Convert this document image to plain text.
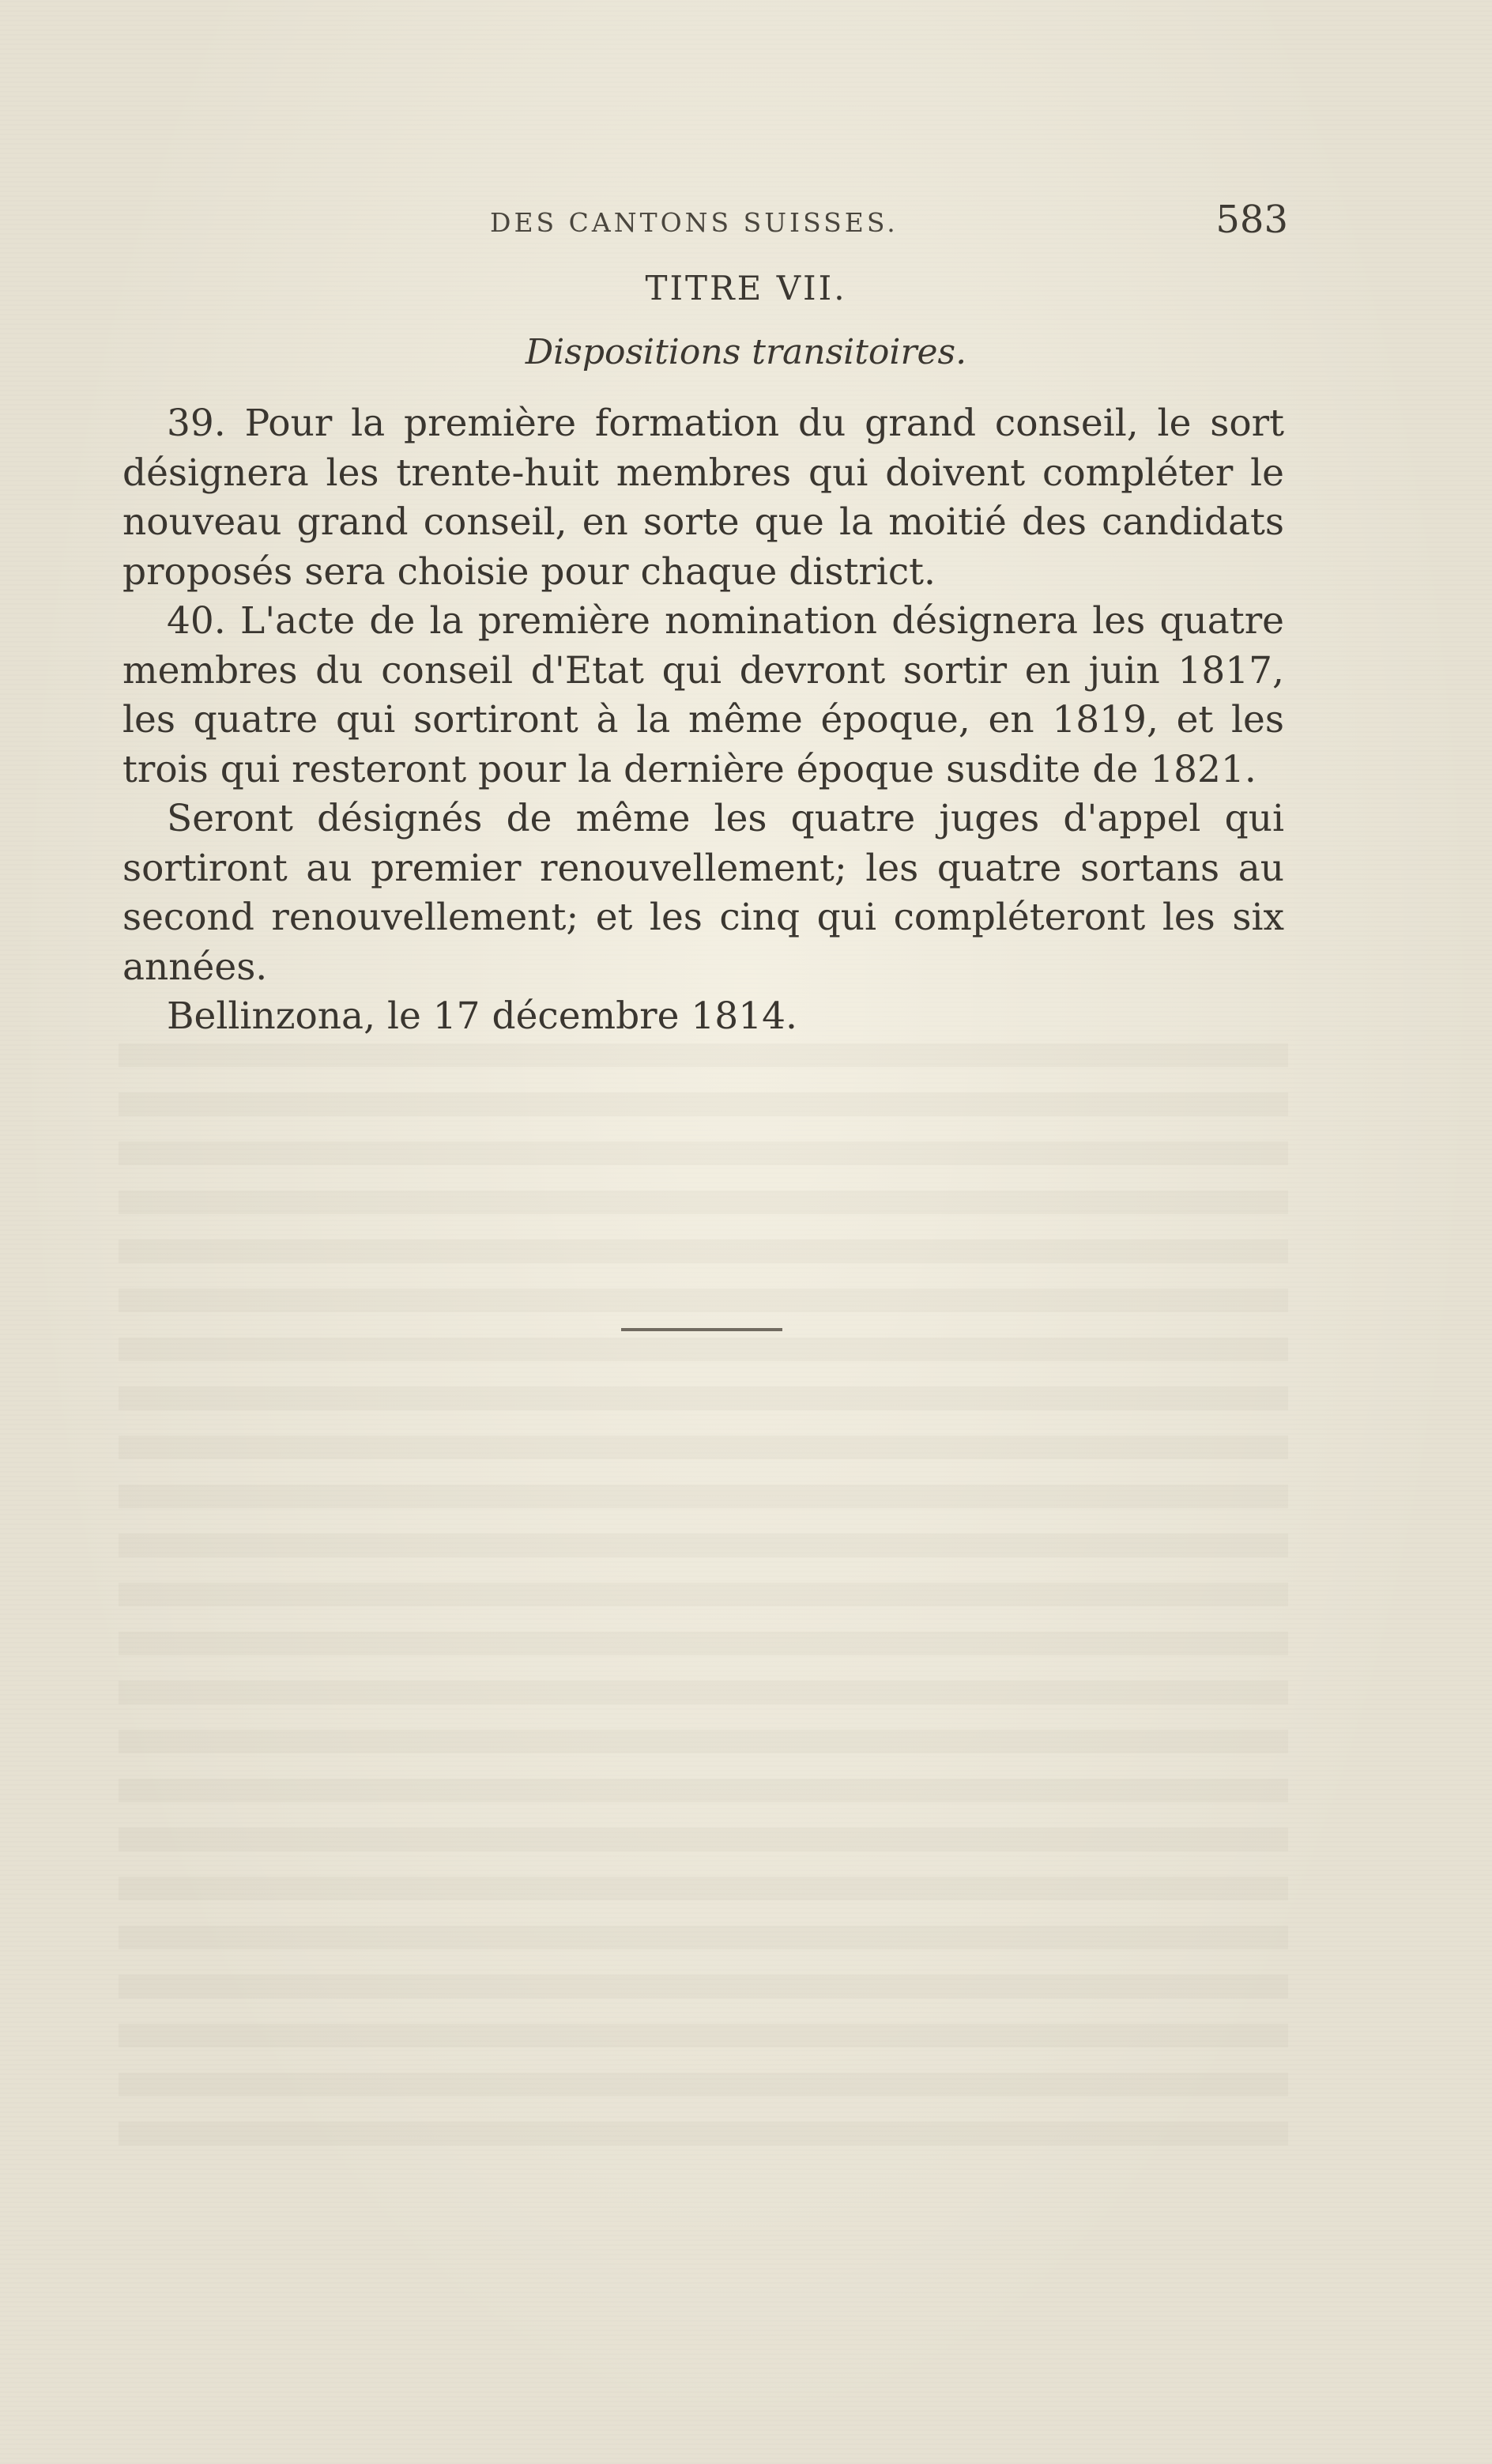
DES CANTONS SUISSES.	583
TITRE VII.
Dispositions transitoires.

39. Pour la première formation du grand conseil, le sort désignera les trente-huit membres qui doivent compléter le nouveau grand conseil, en sorte que la moitié des candidats proposés sera choisie pour chaque district.

40. L'acte de la première nomination désignera les quatre membres du conseil d'Etat qui devront sortir en juin 1817, les quatre qui sortiront à la même époque, en 1819, et les trois qui resteront pour la dernière époque susdite de 1821.

Seront désignés de même les quatre juges d'appel qui sortiront au premier renouvellement; les quatre sortans au second renouvellement; et les cinq qui compléteront les six années.

Bellinzona, le 17 décembre 1814.
